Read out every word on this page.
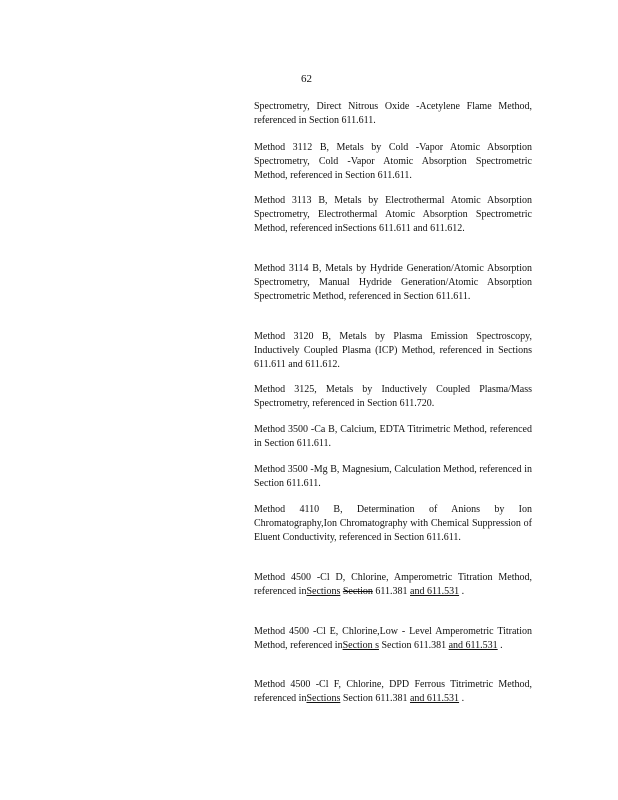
62

Spectrometry, Direct Nitrous Oxide -Acetylene Flame Method, referenced in Section 611.611.

Method 3112 B, Metals by Cold -Vapor Atomic Absorption Spectrometry, Cold -Vapor Atomic Absorption Spectrometric Method, referenced in Section 611.611.

Method 3113 B, Metals by Electrothermal Atomic Absorption Spectrometry, Electrothermal Atomic Absorption Spectrometric Method, referenced inSections 611.611 and 611.612.

Method 3114 B, Metals by Hydride Generation/Atomic Absorption Spectrometry, Manual Hydride Generation/Atomic Absorption Spectrometric Method, referenced in Section 611.611.

Method 3120 B, Metals by Plasma Emission Spectroscopy, Inductively Coupled Plasma (ICP) Method, referenced in Sections 611.611 and 611.612.

Method 3125, Metals by Inductively Coupled Plasma/Mass Spectrometry, referenced in Section 611.720.

Method 3500 -Ca B, Calcium, EDTA Titrimetric Method, referenced in Section 611.611.

Method 3500 -Mg B, Magnesium, Calculation Method, referenced in Section 611.611.

Method 4110 B, Determination of Anions by Ion Chromatography,Ion Chromatography with Chemical Suppression of Eluent Conductivity, referenced in Section 611.611.

Method 4500 -Cl D, Chlorine, Amperometric Titration Method, referenced inSections Section 611.381 and 611.531 .

Method 4500 -Cl E, Chlorine,Low - Level Amperometric Titration Method, referenced inSection s Section 611.381 and 611.531 .

Method 4500 -Cl F, Chlorine, DPD Ferrous Titrimetric Method, referenced inSections Section 611.381 and 611.531 .
